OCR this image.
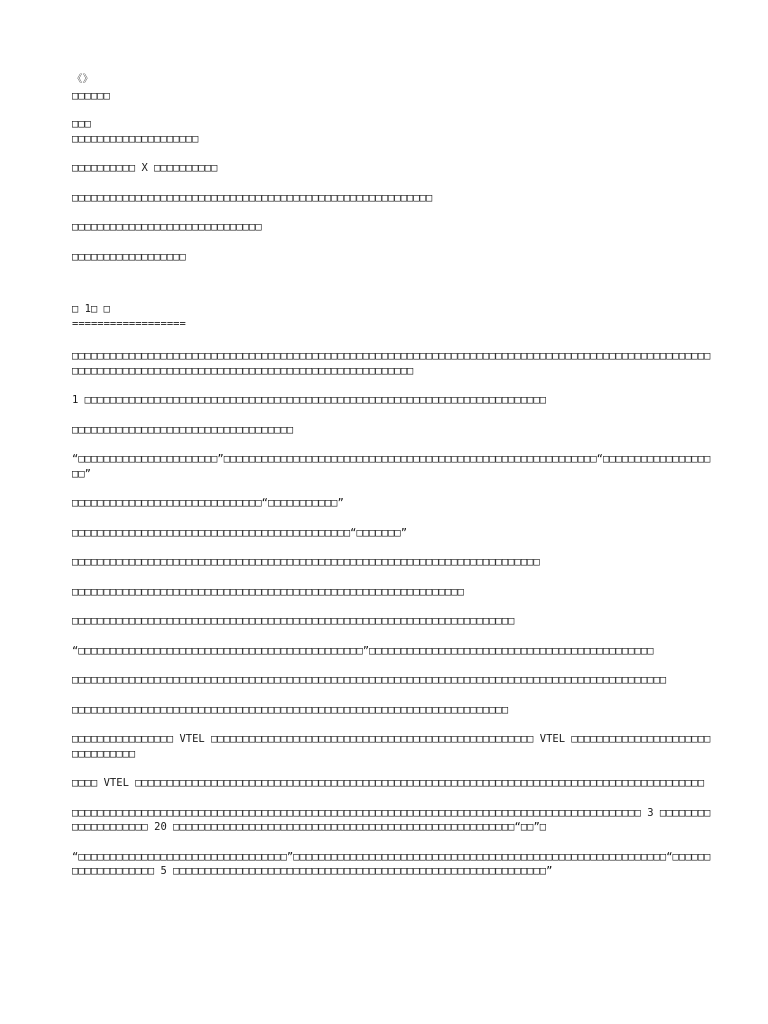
《》
□□□□□□
□□□
□□□□□□□□□□□□□□□□□□□□
□□□□□□□□□□ X □□□□□□□□□□
□□□□□□□□□□□□□□□□□□□□□□□□□□□□□□□□□□□□□□□□□□□□□□□□□□□□□□□□□
□□□□□□□□□□□□□□□□□□□□□□□□□□□□□□
□□□□□□□□□□□□□□□□□□
□ 1□ □
==================
□□□□□□□□□□□□□□□□□□□□□□□□□□□□□□□□□□□□□□□□□□□□□□□□□□□□□□□□□□□□□□□□□□□□□□□□□□□□□□□□□□□□□□□□□□□□□□□□□□□□□□□□□□□□□□□□□□□□□□□□□□□□□□□□□□□□□□□□□□□□□□□□□□□□□□□□□□□
1 □□□□□□□□□□□□□□□□□□□□□□□□□□□□□□□□□□□□□□□□□□□□□□□□□□□□□□□□□□□□□□□□□□□□□□□□□
□□□□□□□□□□□□□□□□□□□□□□□□□□□□□□□□□□□
“□□□□□□□□□□□□□□□□□□□□□□”□□□□□□□□□□□□□□□□□□□□□□□□□□□□□□□□□□□□□□□□□□□□□□□□□□□□□□□□□□□“□□□□□□□□□□□□□□□□□□□”
□□□□□□□□□□□□□□□□□□□□□□□□□□□□□□“□□□□□□□□□□□”
□□□□□□□□□□□□□□□□□□□□□□□□□□□□□□□□□□□□□□□□□□□□“□□□□□□□”
□□□□□□□□□□□□□□□□□□□□□□□□□□□□□□□□□□□□□□□□□□□□□□□□□□□□□□□□□□□□□□□□□□□□□□□□□□
□□□□□□□□□□□□□□□□□□□□□□□□□□□□□□□□□□□□□□□□□□□□□□□□□□□□□□□□□□□□□□
□□□□□□□□□□□□□□□□□□□□□□□□□□□□□□□□□□□□□□□□□□□□□□□□□□□□□□□□□□□□□□□□□□□□□□
“□□□□□□□□□□□□□□□□□□□□□□□□□□□□□□□□□□□□□□□□□□□□□”□□□□□□□□□□□□□□□□□□□□□□□□□□□□□□□□□□□□□□□□□□□□□
□□□□□□□□□□□□□□□□□□□□□□□□□□□□□□□□□□□□□□□□□□□□□□□□□□□□□□□□□□□□□□□□□□□□□□□□□□□□□□□□□□□□□□□□□□□□□□
□□□□□□□□□□□□□□□□□□□□□□□□□□□□□□□□□□□□□□□□□□□□□□□□□□□□□□□□□□□□□□□□□□□□□
□□□□□□□□□□□□□□□□ VTEL □□□□□□□□□□□□□□□□□□□□□□□□□□□□□□□□□□□□□□□□□□□□□□□□□□□ VTEL □□□□□□□□□□□□□□□□□□□□□□□□□□□□□□□□
□□□□ VTEL □□□□□□□□□□□□□□□□□□□□□□□□□□□□□□□□□□□□□□□□□□□□□□□□□□□□□□□□□□□□□□□□□□□□□□□□□□□□□□□□□□□□□□□□□□
□□□□□□□□□□□□□□□□□□□□□□□□□□□□□□□□□□□□□□□□□□□□□□□□□□□□□□□□□□□□□□□□□□□□□□□□□□□□□□□□□□□□□□□□□□ 3 □□□□□□□□□□□□□□□□□□□□ 20 □□□□□□□□□□□□□□□□□□□□□□□□□□□□□□□□□□□□□□□□□□□□□□□□□□□□□□“□□”□
“□□□□□□□□□□□□□□□□□□□□□□□□□□□□□□□□□”□□□□□□□□□□□□□□□□□□□□□□□□□□□□□□□□□□□□□□□□□□□□□□□□□□□□□□□□□□□“□□□□□□□□□□□□□□□□□□□ 5 □□□□□□□□□□□□□□□□□□□□□□□□□□□□□□□□□□□□□□□□□□□□□□□□□□□□□□□□□□□”
